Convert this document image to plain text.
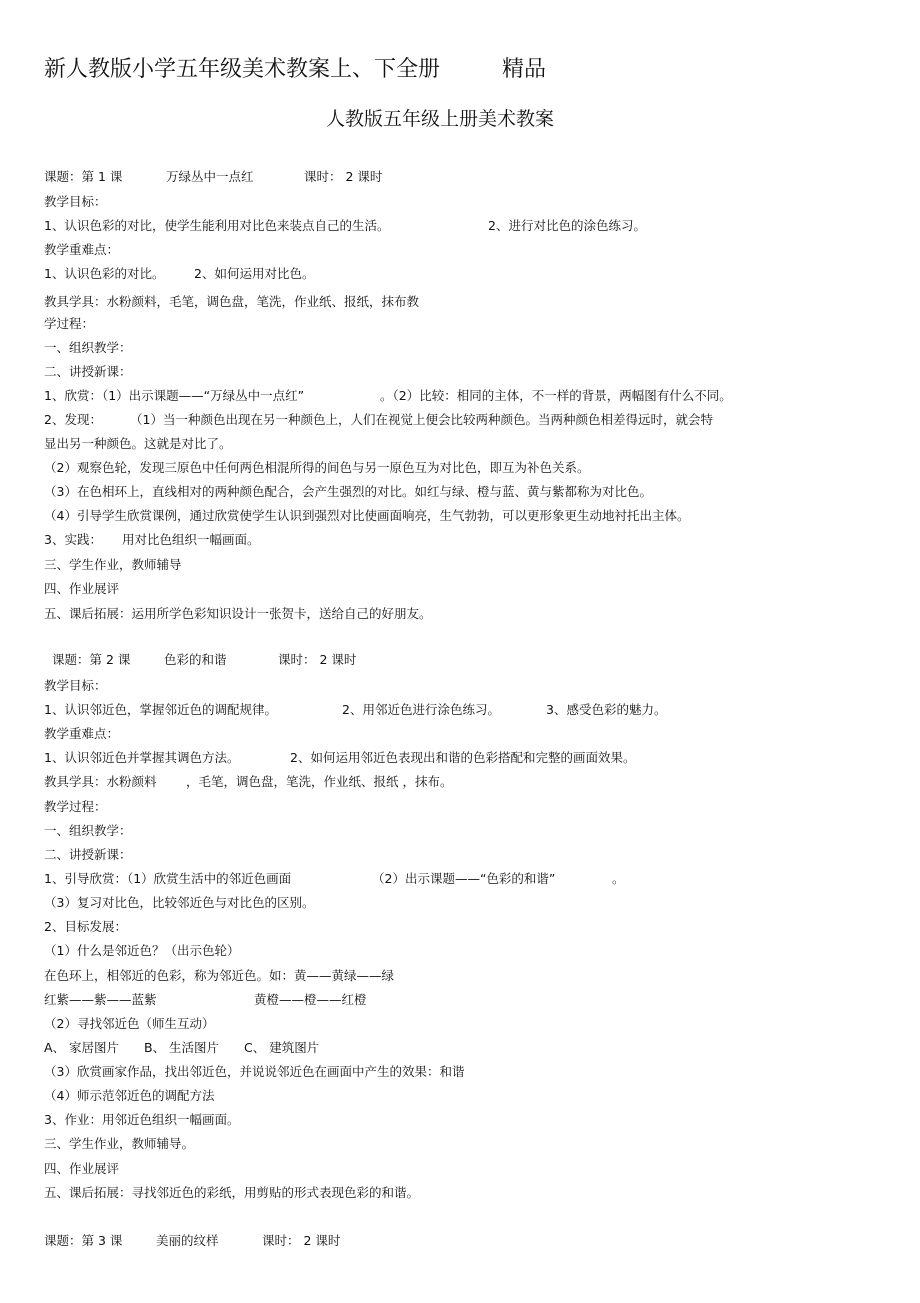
新人教版小学五年级美术教案上、下全册	精品
人教版五年级上册美术教案
课题：第 1 课	万绿丛中一点红	课时： 2 课时
教学目标：
1、认识色彩的对比，使学生能利用对比色来装点自己的生活。	2、进行对比色的涂色练习。
教学重难点：
1、认识色彩的对比。 2、如何运用对比色。
教具学具：水粉颜料，毛笔，调色盘，笔洗，作业纸、报纸，抹布教
学过程：
一、组织教学：
二、讲授新课：
1、欣赏：（1）出示课题——“万绿丛中一点红”	。（2）比较：相同的主体，不一样的背景，两幅图有什么不同。
2、发现： （1）当一种颜色出现在另一种颜色上，人们在视觉上便会比较两种颜色。当两种颜色相差得远时，就会特
显出另一种颜色。这就是对比了。
（2）观察色轮，发现三原色中任何两色相混所得的间色与另一原色互为对比色，即互为补色关系。
（3）在色相环上，直线相对的两种颜色配合，会产生强烈的对比。如红与绿、橙与蓝、黄与紫都称为对比色。
（4）引导学生欣赏课例，通过欣赏使学生认识到强烈对比使画面响亮，生气勃勃，可以更形象更生动地衬托出主体。
3、实践： 用对比色组织一幅画面。
三、学生作业，教师辅导
四、作业展评
五、课后拓展：运用所学色彩知识设计一张贺卡，送给自己的好朋友。
课题：第 2 课	色彩的和谐	课时： 2 课时
教学目标：
1、认识邻近色，掌握邻近色的调配规律。	2、用邻近色进行涂色练习。	3、感受色彩的魅力。
教学重难点：
1、认识邻近色并掌握其调色方法。	2、如何运用邻近色表现出和谐的色彩搭配和完整的画面效果。
教具学具：水粉颜料 ，毛笔，调色盘，笔洗，作业纸、报纸 ，抹布。
教学过程：
一、组织教学：
二、讲授新课：
1、引导欣赏：（1）欣赏生活中的邻近色画面	（2）出示课题——“色彩的和谐”	。
（3）复习对比色，比较邻近色与对比色的区别。
2、目标发展：
（1）什么是邻近色？（出示色轮）
在色环上，相邻近的色彩，称为邻近色。如：黄——黄绿——绿
红紫——紫——蓝紫	黄橙——橙——红橙
（2）寻找邻近色（师生互动）
A、 家居图片 B、 生活图片 C、 建筑图片
（3）欣赏画家作品，找出邻近色，并说说邻近色在画面中产生的效果：和谐
（4）师示范邻近色的调配方法
3、作业：用邻近色组织一幅画面。
三、学生作业，教师辅导。
四、作业展评
五、课后拓展：寻找邻近色的彩纸，用剪贴的形式表现色彩的和谐。
课题：第 3 课	美丽的纹样	课时： 2 课时
